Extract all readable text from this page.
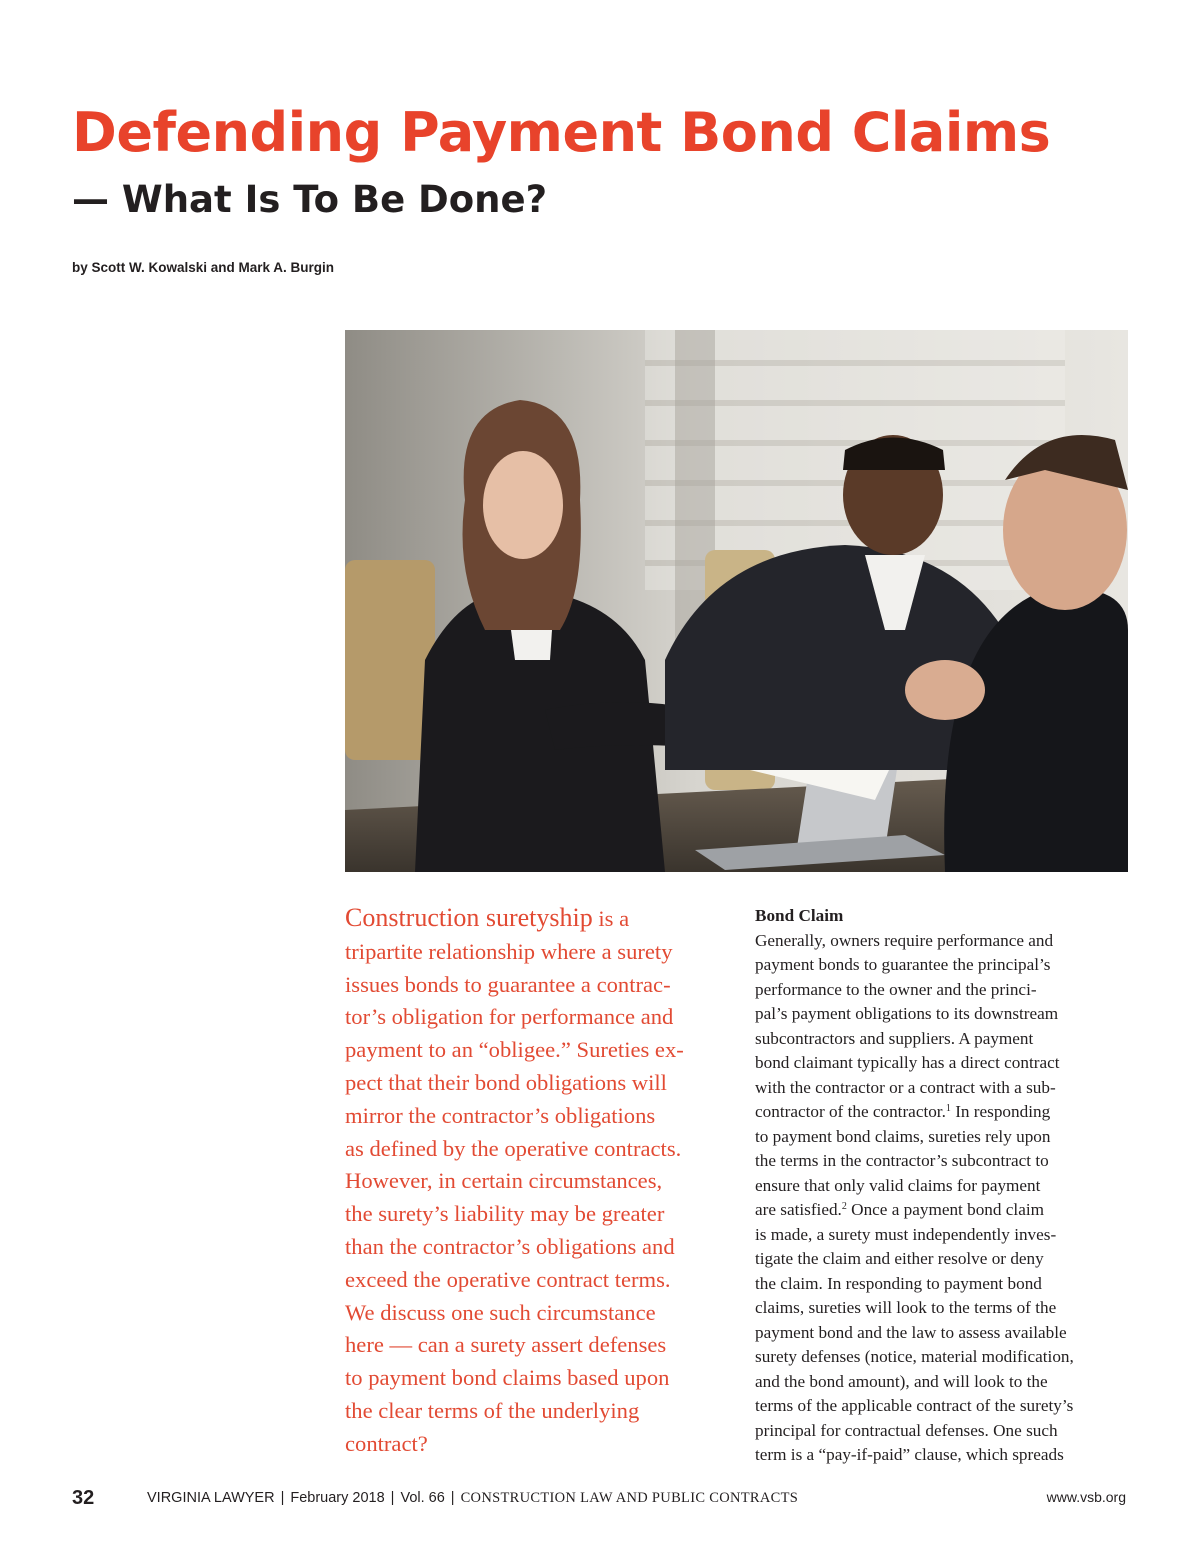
Defending Payment Bond Claims
— What Is To Be Done?
by Scott W. Kowalski and Mark A. Burgin
Construction suretyship is a
tripartite relationship where a surety
issues bonds to guarantee a contrac-
tor’s obligation for performance and
payment to an “obligee.” Sureties ex-
pect that their bond obligations will
mirror the contractor’s obligations
as defined by the operative contracts.
However, in certain circumstances,
the surety’s liability may be greater
than the contractor’s obligations and
exceed the operative contract terms.
We discuss one such circumstance
here — can a surety assert defenses
to payment bond claims based upon
the clear terms of the underlying
contract?
Bond Claim
Generally, owners require performance and
payment bonds to guarantee the principal’s
performance to the owner and the princi-
pal’s payment obligations to its downstream
subcontractors and suppliers. A payment
bond claimant typically has a direct contract
with the contractor or a contract with a sub-
contractor of the contractor.$^1$ In responding
to payment bond claims, sureties rely upon
the terms in the contractor’s subcontract to
ensure that only valid claims for payment
are satisfied.$^2$ Once a payment bond claim
is made, a surety must independently inves-
tigate the claim and either resolve or deny
the claim. In responding to payment bond
claims, sureties will look to the terms of the
payment bond and the law to assess available
surety defenses (notice, material modification,
and the bond amount), and will look to the
terms of the applicable contract of the surety’s
principal for contractual defenses. One such
term is a “pay-if-paid” clause, which spreads
32	VIRGINIA LAWYER | February 2018 | Vol. 66 | CONSTRUCTION LAW AND PUBLIC CONTRACTS	www.vsb.org
